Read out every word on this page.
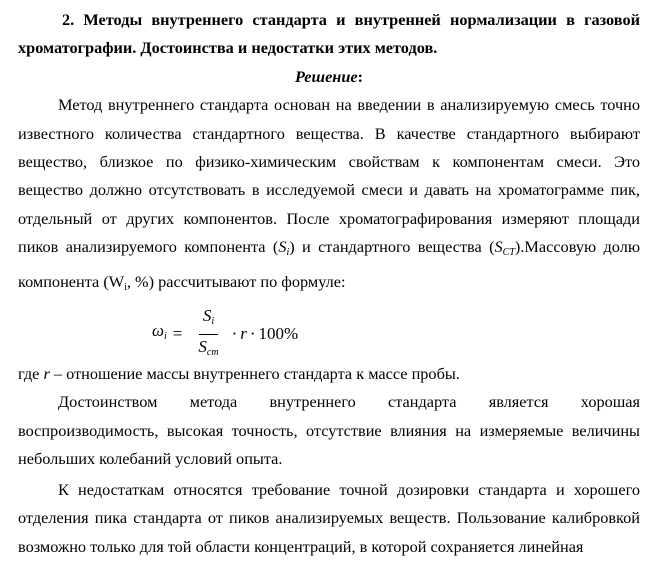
2. Методы внутреннего стандарта и внутренней нормализации в газовой хроматографии. Достоинства и недостатки этих методов.

Решение:

Метод внутреннего стандарта основан на введении в анализируемую смесь точно известного количества стандартного вещества. В качестве стандартного выбирают вещество, близкое по физико-химическим свойствам к компонентам смеси. Это вещество должно отсутствовать в исследуемой смеси и давать на хроматограмме пик, отдельный от других компонентов. После хроматографирования измеряют площади пиков анализируемого компонента $(S_i)$ и стандартного вещества $(S_{CT}).Массовую$ долю компонента ($W_i$, %) рассчитывают по формуле:

$\omega_i = \frac{S_i}{S_{cm}} \cdot r \cdot 100\%$

где r – отношение массы внутреннего стандарта к массе пробы.

Достоинством метода внутреннего стандарта является хорошая воспроизводимость, высокая точность, отсутствие влияния на измеряемые величины небольших колебаний условий опыта.

К недостаткам относятся требование точной дозировки стандарта и хорошего отделения пика стандарта от пиков анализируемых веществ. Пользование калибровкой возможно только для той области концентраций, в которой сохраняется линейная
